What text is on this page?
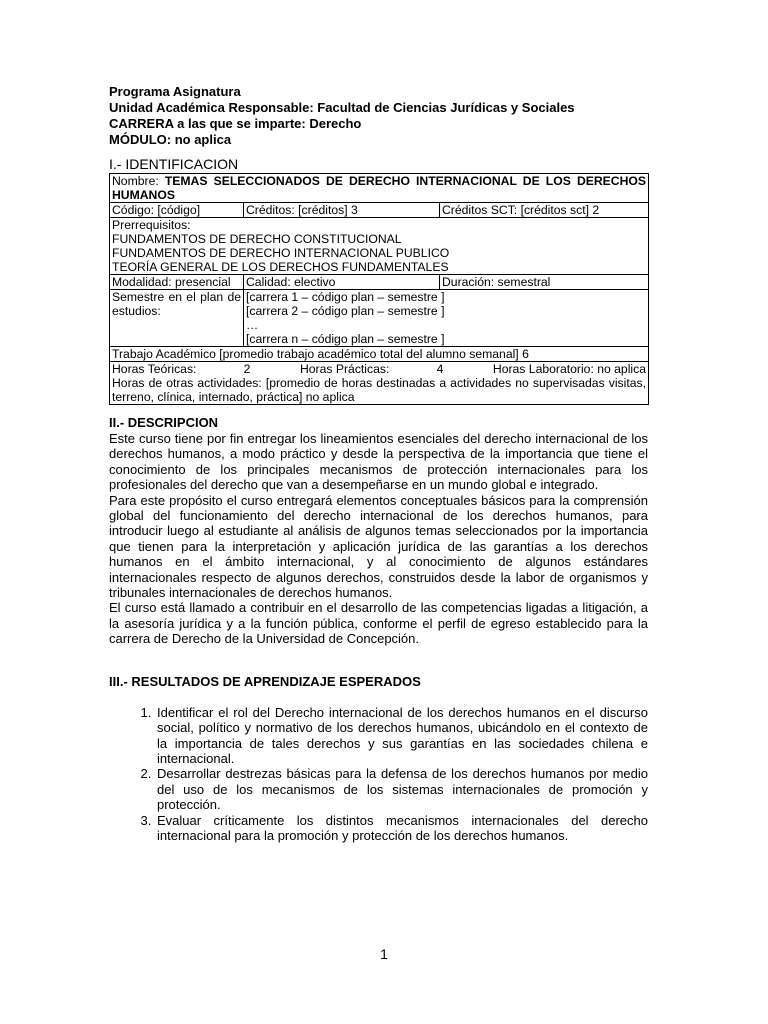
Programa Asignatura
Unidad Académica Responsable: Facultad de Ciencias Jurídicas y Sociales
CARRERA a las que se imparte: Derecho
MÓDULO: no aplica
I.- IDENTIFICACION
Nombre: TEMAS SELECCIONADOS DE DERECHO INTERNACIONAL DE LOS DERECHOS HUMANOS		
Código: [código]	Créditos: [créditos] 3	Créditos SCT: [créditos sct] 2

Prerrequisitos:
FUNDAMENTOS DE DERECHO CONSTITUCIONAL
FUNDAMENTOS DE DERECHO INTERNACIONAL PUBLICO
TEORÍA GENERAL DE LOS DERECHOS FUNDAMENTALES		

Modalidad: presencial	Calidad: electivo	Duración: semestral
Semestre en el plan de estudios:	[carrera 1 – código plan – semestre ]
[carrera 2 – código plan – semestre ]
…
[carrera n – código plan – semestre ]	

Trabajo Académico [promedio trabajo académico total del alumno semanal] 6		

Horas Teóricas: 2 Horas Prácticas: 4 Horas Laboratorio: no aplica
Horas de otras actividades: [promedio de horas destinadas a actividades no supervisadas visitas, terreno, clínica, internado, práctica] no aplica		
II.- DESCRIPCION
Este curso tiene por fin entregar los lineamientos esenciales del derecho internacional de los derechos humanos, a modo práctico y desde la perspectiva de la importancia que tiene el conocimiento de los principales mecanismos de protección internacionales para los profesionales del derecho que van a desempeñarse en un mundo global e integrado.
Para este propósito el curso entregará elementos conceptuales básicos para la comprensión global del funcionamiento del derecho internacional de los derechos humanos, para introducir luego al estudiante al análisis de algunos temas seleccionados por la importancia que tienen para la interpretación y aplicación jurídica de las garantías a los derechos humanos en el ámbito internacional, y al conocimiento de algunos estándares internacionales respecto de algunos derechos, construidos desde la labor de organismos y tribunales internacionales de derechos humanos.
El curso está llamado a contribuir en el desarrollo de las competencias ligadas a litigación, a la asesoría jurídica y a la función pública, conforme el perfil de egreso establecido para la carrera de Derecho de la Universidad de Concepción.
III.- RESULTADOS DE APRENDIZAJE ESPERADOS
1. Identificar el rol del Derecho internacional de los derechos humanos en el discurso social, político y normativo de los derechos humanos, ubicándolo en el contexto de la importancia de tales derechos y sus garantías en las sociedades chilena e internacional.
2. Desarrollar destrezas básicas para la defensa de los derechos humanos por medio del uso de los mecanismos de los sistemas internacionales de promoción y protección.
3. Evaluar críticamente los distintos mecanismos internacionales del derecho internacional para la promoción y protección de los derechos humanos.
1
